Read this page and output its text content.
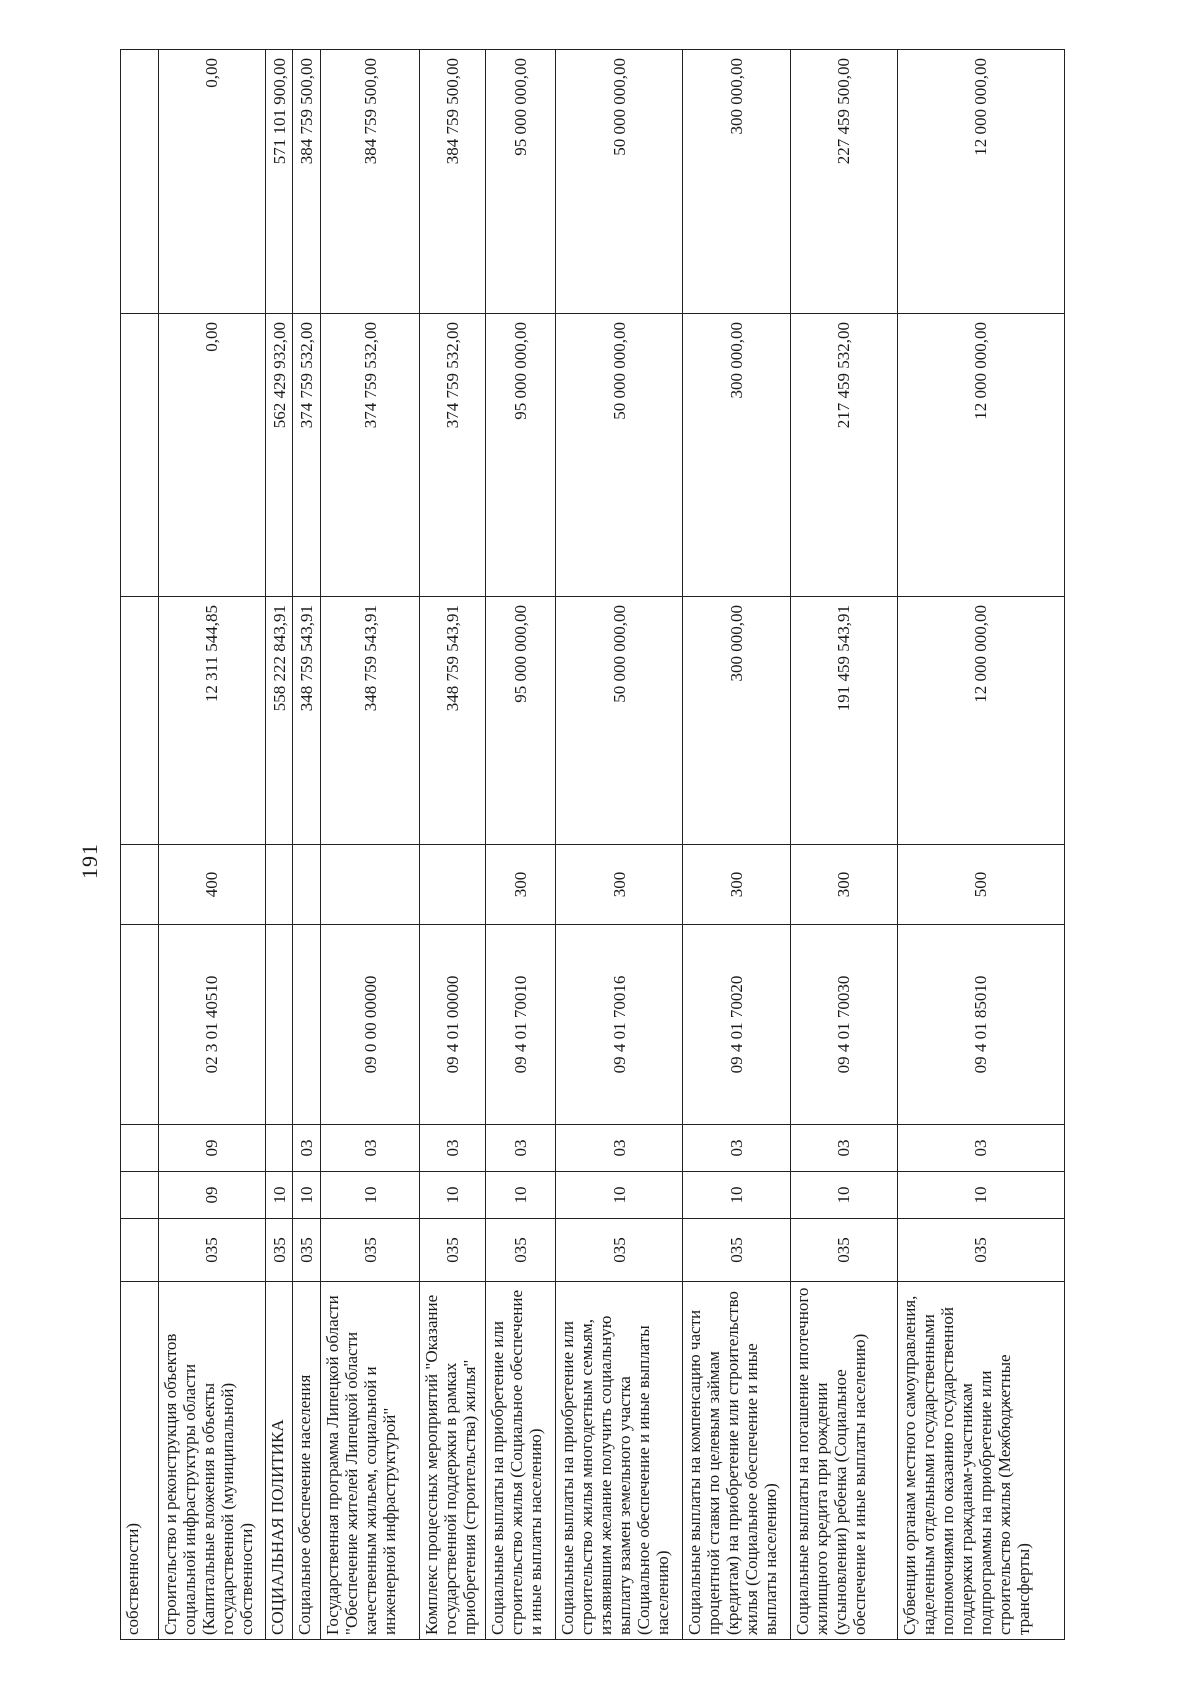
191
собственности)								
Строительство и реконструкция объектов социальной инфраструктуры области (Капитальные вложения в объекты государственной (муниципальной) собственности)	035	09	09	02 3 01 40510	400	12 311 544,85	0,00	0,00
СОЦИАЛЬНАЯ ПОЛИТИКА	035	10				558 222 843,91	562 429 932,00	571 101 900,00
Социальное обеспечение населения	035	10	03			348 759 543,91	374 759 532,00	384 759 500,00
Государственная программа Липецкой области "Обеспечение жителей Липецкой области качественным жильем, социальной и инженерной инфраструктурой"	035	10	03	09 0 00 00000		348 759 543,91	374 759 532,00	384 759 500,00
Комплекс процессных мероприятий "Оказание государственной поддержки в рамках приобретения (строительства) жилья"	035	10	03	09 4 01 00000		348 759 543,91	374 759 532,00	384 759 500,00
Социальные выплаты на приобретение или строительство жилья (Социальное обеспечение и иные выплаты населению)	035	10	03	09 4 01 70010	300	95 000 000,00	95 000 000,00	95 000 000,00
Социальные выплаты на приобретение или строительство жилья многодетным семьям, изъявившим желание получить социальную выплату взамен земельного участка (Социальное обеспечение и иные выплаты населению)	035	10	03	09 4 01 70016	300	50 000 000,00	50 000 000,00	50 000 000,00
Социальные выплаты на компенсацию части процентной ставки по целевым займам (кредитам) на приобретение или строительство жилья (Социальное обеспечение и иные выплаты населению)	035	10	03	09 4 01 70020	300	300 000,00	300 000,00	300 000,00
Социальные выплаты на погашение ипотечного жилищного кредита при рождении (усыновлении) ребенка (Социальное обеспечение и иные выплаты населению)	035	10	03	09 4 01 70030	300	191 459 543,91	217 459 532,00	227 459 500,00
Субвенции органам местного самоуправления, наделенным отдельными государственными полномочиями по оказанию государственной поддержки гражданам-участникам подпрограммы на приобретение или строительство жилья (Межбюджетные трансферты)	035	10	03	09 4 01 85010	500	12 000 000,00	12 000 000,00	12 000 000,00
